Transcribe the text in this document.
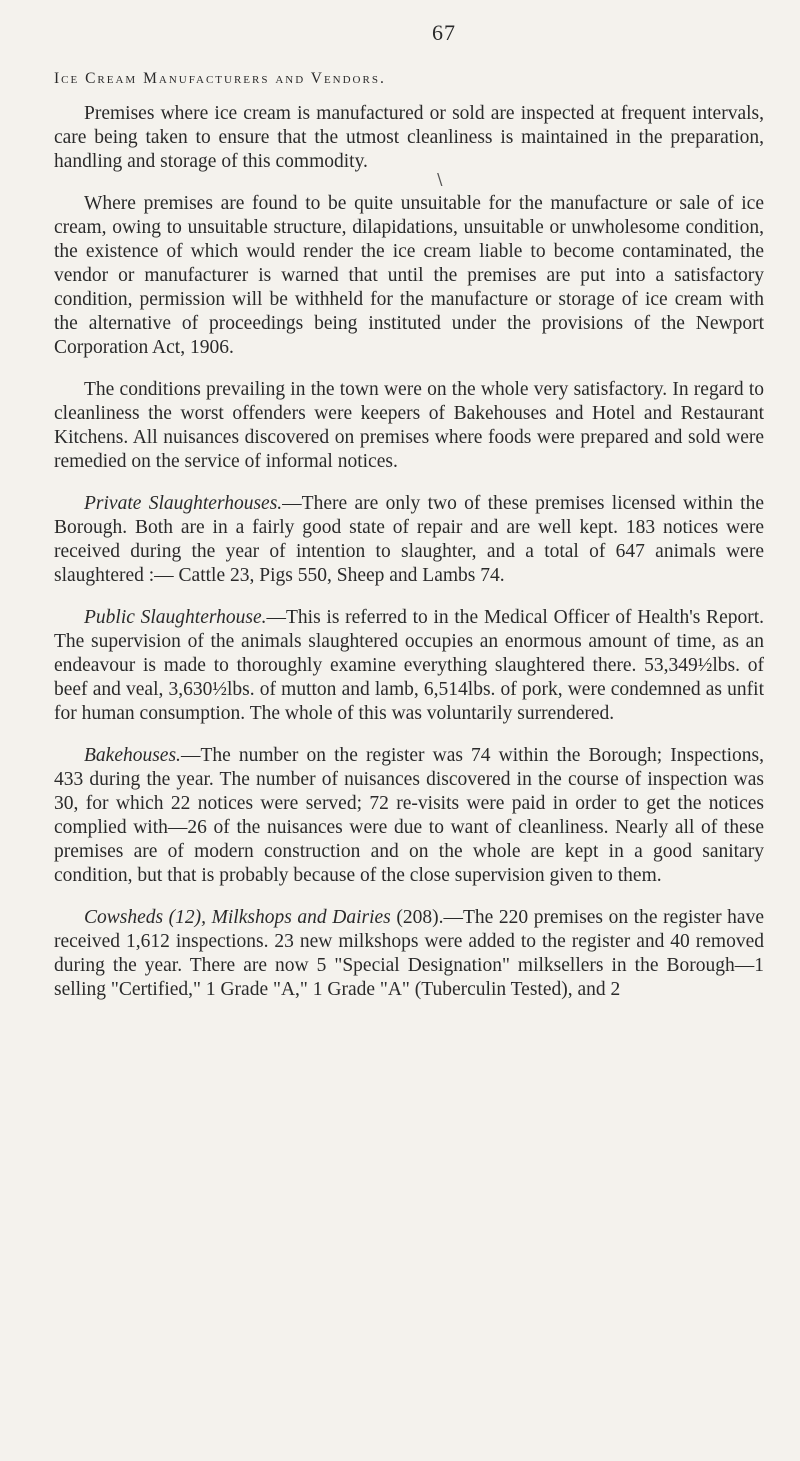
67
Ice Cream Manufacturers and Vendors.

Premises where ice cream is manufactured or sold are inspected at frequent intervals, care being taken to ensure that the utmost cleanliness is maintained in the preparation, handling and storage of this commodity.

∖

Where premises are found to be quite unsuitable for the manufacture or sale of ice cream, owing to unsuitable structure, dilapidations, unsuitable or unwholesome condition, the existence of which would render the ice cream liable to become contaminated, the vendor or manufacturer is warned that until the premises are put into a satisfactory condition, permission will be withheld for the manufacture or storage of ice cream with the alternative of proceedings being instituted under the provisions of the Newport Corporation Act, 1906.

The conditions prevailing in the town were on the whole very satisfactory. In regard to cleanliness the worst offenders were keepers of Bakehouses and Hotel and Restaurant Kitchens. All nuisances discovered on premises where foods were prepared and sold were remedied on the service of informal notices.

Private Slaughterhouses.—There are only two of these premises licensed within the Borough. Both are in a fairly good state of repair and are well kept. 183 notices were received during the year of intention to slaughter, and a total of 647 animals were slaughtered :— Cattle 23, Pigs 550, Sheep and Lambs 74.

Public Slaughterhouse.—This is referred to in the Medical Officer of Health's Report. The supervision of the animals slaughtered occupies an enormous amount of time, as an endeavour is made to thoroughly examine everything slaughtered there. 53,349½lbs. of beef and veal, 3,630½lbs. of mutton and lamb, 6,514lbs. of pork, were condemned as unfit for human consumption. The whole of this was voluntarily surrendered.

Bakehouses.—The number on the register was 74 within the Borough; Inspections, 433 during the year. The number of nuisances discovered in the course of inspection was 30, for which 22 notices were served; 72 re-visits were paid in order to get the notices complied with—26 of the nuisances were due to want of cleanliness. Nearly all of these premises are of modern construction and on the whole are kept in a good sanitary condition, but that is probably because of the close supervision given to them.

Cowsheds (12), Milkshops and Dairies (208).—The 220 premises on the register have received 1,612 inspections. 23 new milkshops were added to the register and 40 removed during the year. There are now 5 "Special Designation" milksellers in the Borough—1 selling "Certified," 1 Grade "A," 1 Grade "A" (Tuberculin Tested), and 2
